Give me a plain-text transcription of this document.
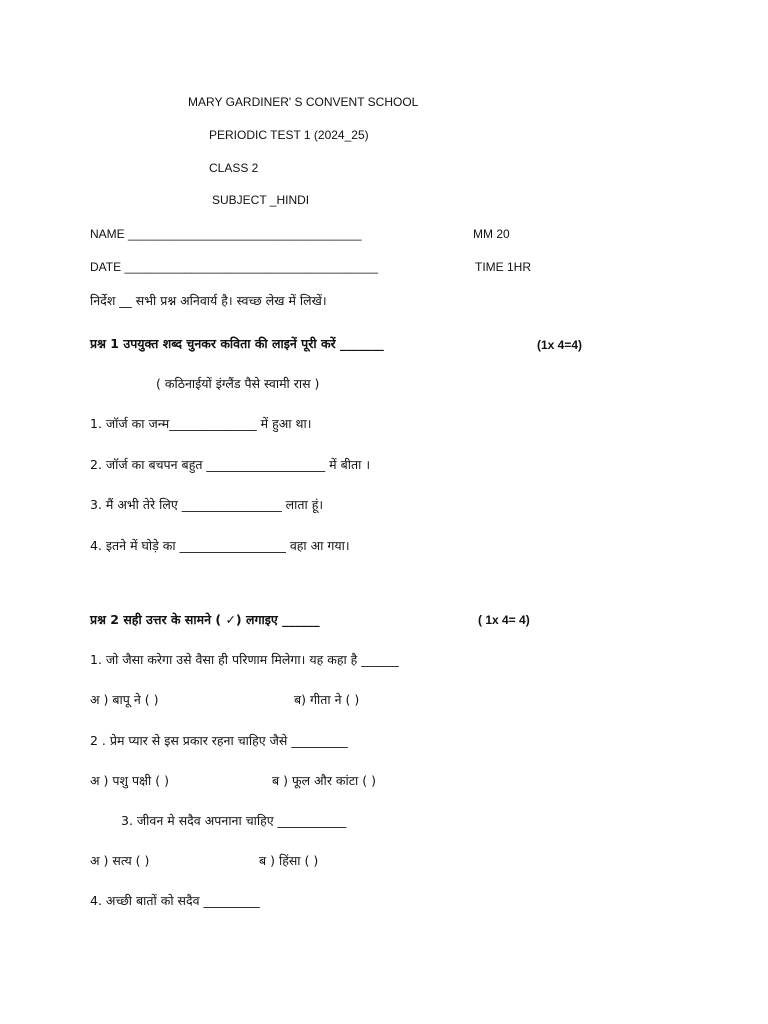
MARY GARDINER' S CONVENT SCHOOL
PERIODIC TEST 1 (2024_25)
CLASS 2
SUBJECT _HINDI
NAME ___________________________________	MM 20
DATE ______________________________________	TIME 1HR
निर्देश __ सभी प्रश्न अनिवार्य है। स्वच्छ लेख में लिखें।
प्रश्न 1 उपयुक्त शब्द चुनकर कविता की लाइनें पूरी करें _______	(1x 4=4)
( कठिनाईयों इंग्लैंड पैसे स्वामी रास )
1. जॉर्ज का जन्म______________ में हुआ था।
2. जॉर्ज का बचपन बहुत ___________________ में बीता ।
3. मैं अभी तेरे लिए ________________ लाता हूं।
4. इतने में घोड़े का _________________ वहा आ गया।
प्रश्न 2 सही उत्तर के सामने ( ✓) लगाइए ______	( 1x 4= 4)
1. जो जैसा करेगा उसे वैसा ही परिणाम मिलेगा। यह कहा है ______
अ ) बापू ने ( )	ब) गीता ने ( )
2 . प्रेम प्यार से इस प्रकार रहना चाहिए जैसे _________
अ ) पशु पक्षी ( )	ब ) फूल और कांटा ( )
3. जीवन मे सदैव अपनाना चाहिए ___________
अ ) सत्य ( )	ब ) हिंसा ( )
4. अच्छी बातों को सदैव _________
